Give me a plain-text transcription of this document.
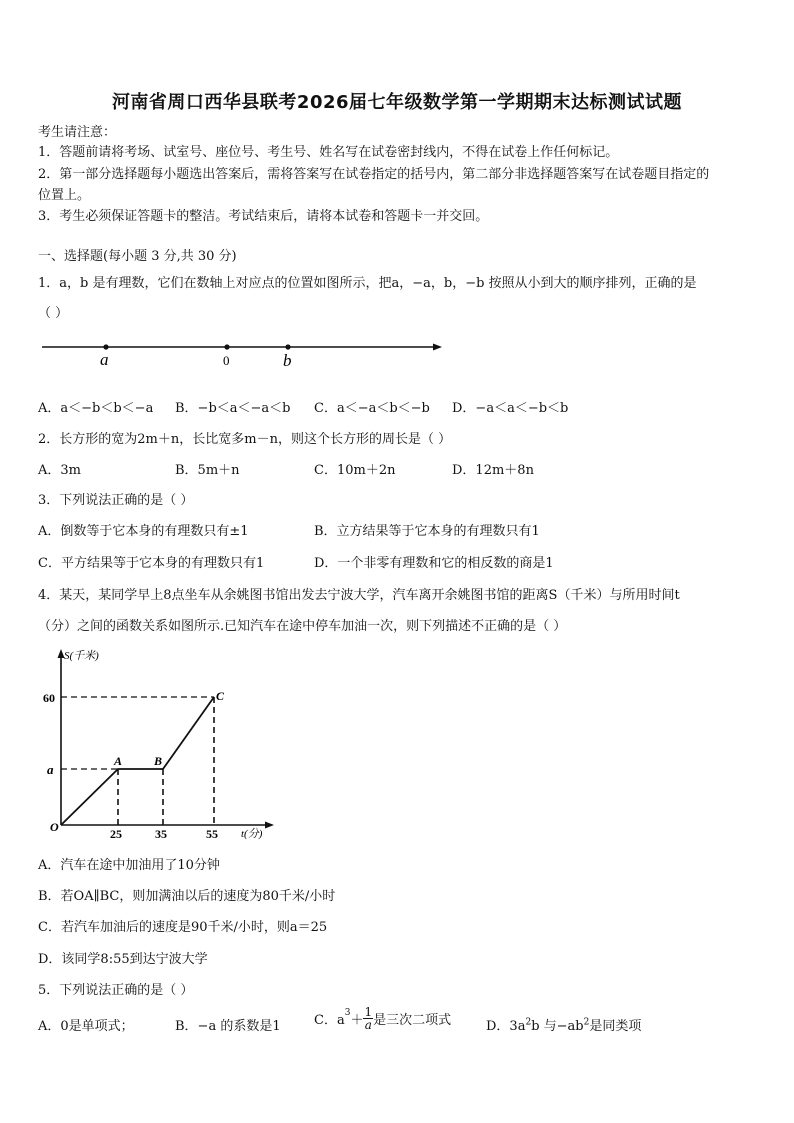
河南省周口西华县联考2026届七年级数学第一学期期末达标测试试题
考生请注意：
1．答题前请将考场、试室号、座位号、考生号、姓名写在试卷密封线内，不得在试卷上作任何标记。
2．第一部分选择题每小题选出答案后，需将答案写在试卷指定的括号内，第二部分非选择题答案写在试卷题目指定的
位置上。
3．考生必须保证答题卡的整洁。考试结束后，请将本试卷和答题卡一并交回。
一、选择题(每小题 3 分,共 30 分)
1．a，b 是有理数，它们在数轴上对应点的位置如图所示，把a，−a，b，−b 按照从小到大的顺序排列，正确的是
（ ）
a	0	b
A．a＜−b＜b＜−a B．−b＜a＜−a＜b C．a＜−a＜b＜−b D．−a＜a＜−b＜b
2．长方形的宽为2m＋n，长比宽多m－n，则这个长方形的周长是（ ）
A．3m	B．5m＋n	C．10m＋2n	D．12m＋8n
3．下列说法正确的是（ ）
A．倒数等于它本身的有理数只有±1	B．立方结果等于它本身的有理数只有1
C．平方结果等于它本身的有理数只有1	D．一个非零有理数和它的相反数的商是1
4．某天，某同学早上8点坐车从余姚图书馆出发去宁波大学，汽车离开余姚图书馆的距离S（千米）与所用时间t
（分）之间的函数关系如图所示.已知汽车在途中停车加油一次，则下列描述不正确的是（ ）
S(千米)
t(分)
O
60
a
25	35	55
A	B
C
A．汽车在途中加油用了10分钟
B．若OA∥BC，则加满油以后的速度为80千米/小时
C．若汽车加油后的速度是90千米/小时，则a＝25
D．该同学8:55到达宁波大学
5．下列说法正确的是（ ）
A．0是单项式；	B．−a 的系数是1	C．a
$^3$
＋ $\frac{1}{a}$ 是三次二项式	D．$3a^2b$ 与$-ab^2$是同类项
